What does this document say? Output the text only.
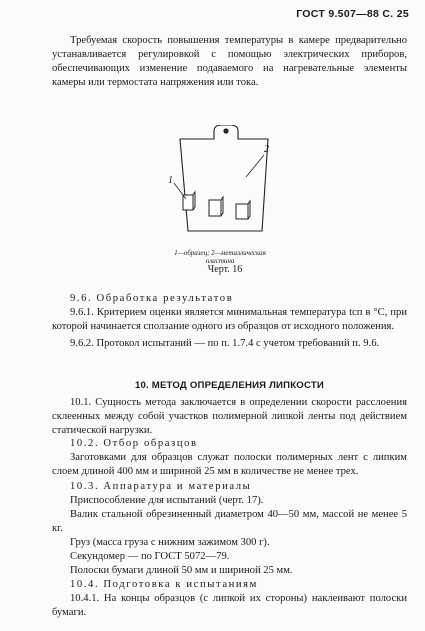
ГОСТ 9.507—88 С. 25

Требуемая скорость повышения температуры в камере предварительно устанавливается регулировкой с помощью электрических приборов, обеспечивающих изменение подаваемого на нагревательные элементы камеры или термостата напряжения или тока.

1
2
1—образец; 2—металлическая пластина
Черт. 16

9.6. Обработка результатов

9.6.1. Критерием оценки является минимальная температура tсп в °С, при которой начинается сползание одного из образцов от исходного положения.

9.6.2. Протокол испытаний — по п. 1.7.4 с учетом требований п. 9.6.

10. МЕТОД ОПРЕДЕЛЕНИЯ ЛИПКОСТИ

10.1. Сущность метода заключается в определении скорости расслоения склеенных между собой участков полимерной липкой ленты под действием статической нагрузки.

10.2. Отбор образцов

Заготовками для образцов служат полоски полимерных лент с липким слоем длиной 400 мм и шириной 25 мм в количестве не менее трех.

10.3. Аппаратура и материалы

Приспособление для испытаний (черт. 17).

Валик стальной обрезиненный диаметром 40—50 мм, массой не менее 5 кг.

Груз (масса груза с нижним зажимом 300 г).

Секундомер — по ГОСТ 5072—79.

Полоски бумаги длиной 50 мм и шириной 25 мм.

10.4. Подготовка к испытаниям

10.4.1. На концы образцов (с липкой их стороны) наклеивают полоски бумаги.
